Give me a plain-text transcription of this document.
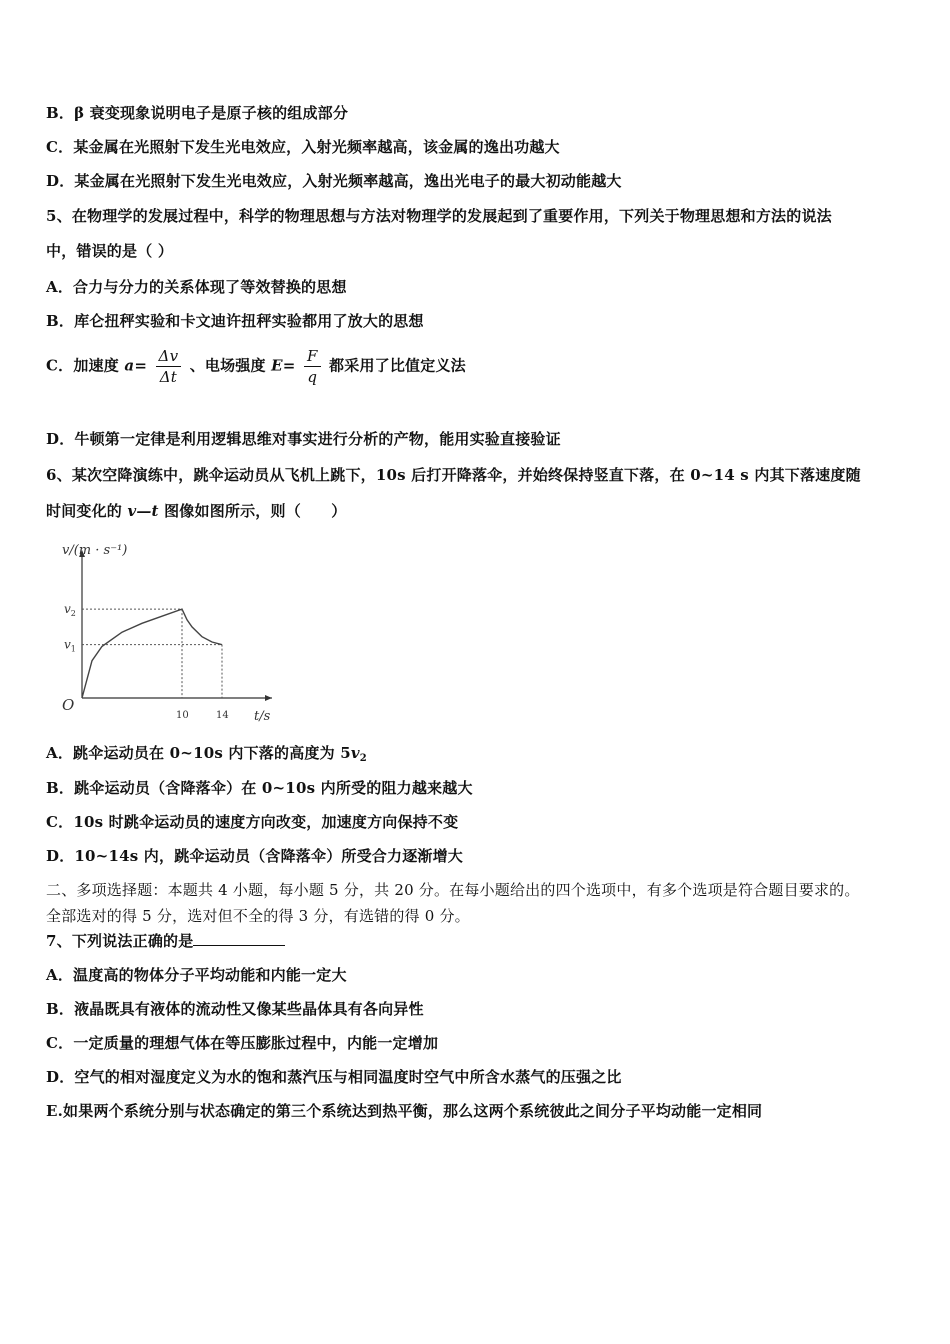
B．β 衰变现象说明电子是原子核的组成部分
C．某金属在光照射下发生光电效应，入射光频率越高，该金属的逸出功越大
D．某金属在光照射下发生光电效应，入射光频率越高，逸出光电子的最大初动能越大
5、在物理学的发展过程中，科学的物理思想与方法对物理学的发展起到了重要作用，下列关于物理思想和方法的说法
中，错误的是（ ）
A．合力与分力的关系体现了等效替换的思想
B．库仑扭秤实验和卡文迪许扭秤实验都用了放大的思想
C．加速度 $a= \frac{\Delta v}{\Delta t}$ 、电场强度 $E= \frac{F}{q}$ 都采用了比值定义法
D．牛顿第一定律是利用逻辑思维对事实进行分析的产物，能用实验直接验证
6、某次空降演练中，跳伞运动员从飞机上跳下，10s 后打开降落伞，并始终保持竖直下落，在 0~14 s 内其下落速度随
时间变化的 v—t 图像如图所示，则（　　）
v/(m · s⁻¹)
t/s
O
10	14
$v_2$
$v_1$
A．跳伞运动员在 0~10s 内下落的高度为 $5v_2$
B．跳伞运动员（含降落伞）在 0~10s 内所受的阻力越来越大
C．10s 时跳伞运动员的速度方向改变，加速度方向保持不变
D．10~14s 内，跳伞运动员（含降落伞）所受合力逐渐增大
二、多项选择题：本题共 4 小题，每小题 5 分，共 20 分。在每小题给出的四个选项中，有多个选项是符合题目要求的。
全部选对的得 5 分，选对但不全的得 3 分，有选错的得 0 分。
7、下列说法正确的是
A．温度高的物体分子平均动能和内能一定大
B．液晶既具有液体的流动性又像某些晶体具有各向异性
C．一定质量的理想气体在等压膨胀过程中，内能一定增加
D．空气的相对湿度定义为水的饱和蒸汽压与相同温度时空气中所含水蒸气的压强之比
E.如果两个系统分别与状态确定的第三个系统达到热平衡，那么这两个系统彼此之间分子平均动能一定相同
